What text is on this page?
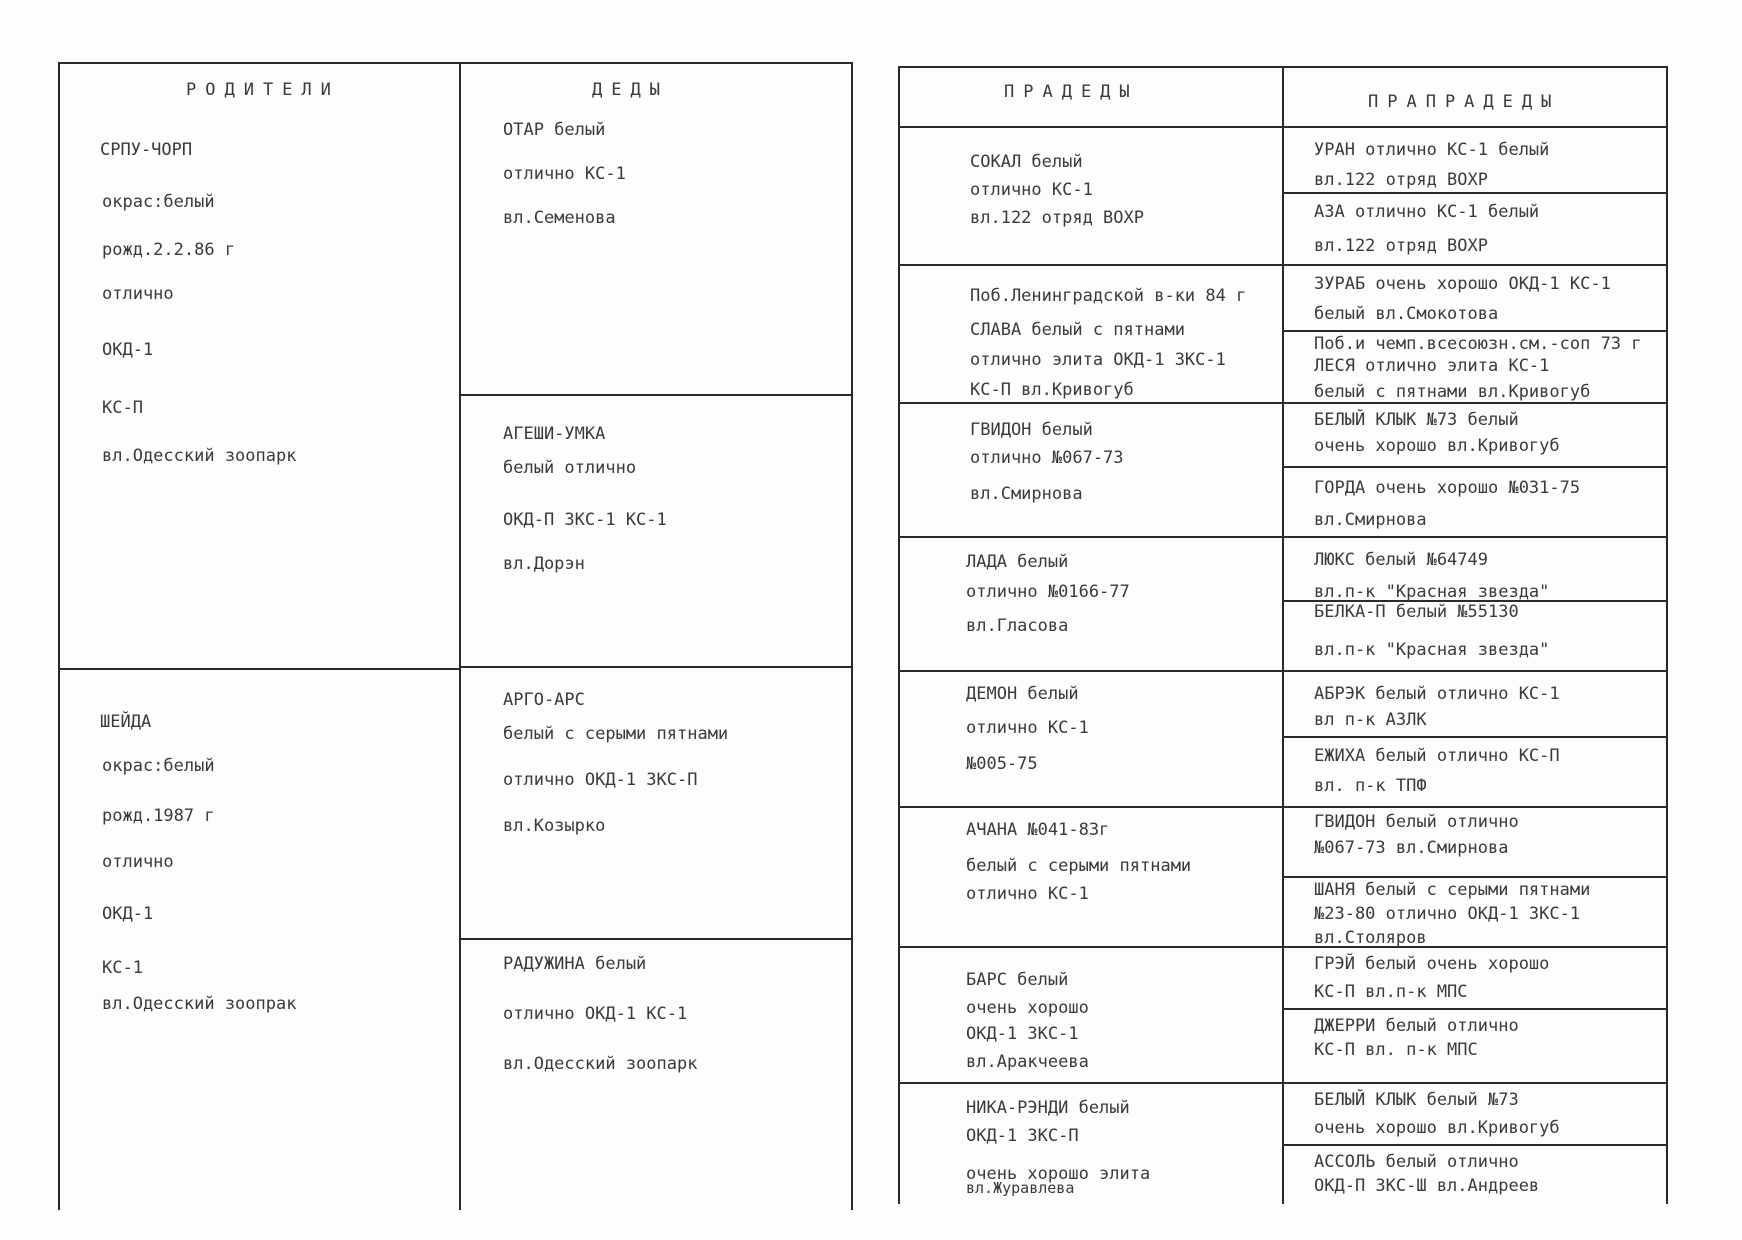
РОДИТЕЛИ	ДЕДЫ
СРПУ-ЧОРП
окрас:белый
рожд.2.2.86 г
отлично
ОКД-1
КС-П
вл.Одесский зоопарк
ШЕЙДА
окрас:белый
рожд.1987 г
отлично
ОКД-1
КС-1
вл.Одесский зоопрак
ОТАР белый
отлично КС-1
вл.Семенова
АГЕШИ-УМКА
белый отлично
ОКД-П ЗКС-1 КС-1
вл.Дорэн
АРГО-АРС
белый с серыми пятнами
отлично ОКД-1 ЗКС-П
вл.Козырко
РАДУЖИНА белый
отлично ОКД-1 КС-1
вл.Одесский зоопарк
ПРАДЕДЫ	ПРАПРАДЕДЫ
СОКАЛ белый
отлично КС-1
вл.122 отряд ВОХР
Поб.Ленинградской в-ки 84 г
СЛАВА белый с пятнами
отлично элита ОКД-1 ЗКС-1
КС-П вл.Кривогуб
ГВИДОН белый
отлично №067-73
вл.Смирнова
ЛАДА белый
отлично №0166-77
вл.Гласова
ДЕМОН белый
отлично КС-1
№005-75
АЧАНА №041-83г
белый с серыми пятнами
отлично КС-1
БАРС белый
очень хорошо
ОКД-1 ЗКС-1
вл.Аракчеева
НИКА-РЭНДИ белый
ОКД-1 ЗКС-П
очень хорошо элита
вл.Журавлева
УРАН отлично КС-1 белый
вл.122 отряд ВОХР
АЗА отлично КС-1 белый
вл.122 отряд ВОХР
ЗУРАБ очень хорошо ОКД-1 КС-1
белый вл.Смокотова
Поб.и чемп.всесоюзн.см.-соп 73 г
ЛЕСЯ отлично элита КС-1
белый с пятнами вл.Кривогуб
БЕЛЫЙ КЛЫК №73 белый
очень хорошо вл.Кривогуб
ГОРДА очень хорошо №031-75
вл.Смирнова
ЛЮКС белый №64749
вл.п-к "Красная звезда"
БЕЛКА-П белый №55130
вл.п-к "Красная звезда"
АБРЭК белый отлично КС-1
вл п-к АЗЛК
ЕЖИХА белый отлично КС-П
вл. п-к ТПФ
ГВИДОН белый отлично
№067-73 вл.Смирнова
ШАНЯ белый с серыми пятнами
№23-80 отлично ОКД-1 ЗКС-1
вл.Столяров
ГРЭЙ белый очень хорошо
КС-П вл.п-к МПС
ДЖЕРРИ белый отлично
КС-П вл. п-к МПС
БЕЛЫЙ КЛЫК белый №73
очень хорошо вл.Кривогуб
АССОЛЬ белый отлично
ОКД-П ЗКС-Ш вл.Андреев
